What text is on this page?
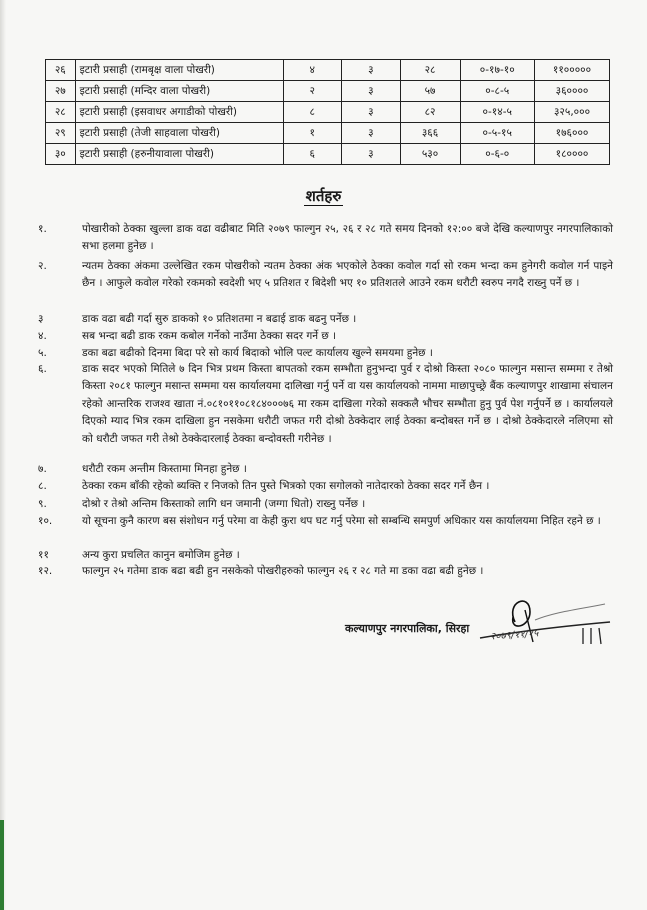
२६	इटारी प्रसाही (रामबृक्ष वाला पोखरी)	४	३	२८	०-१७-१०	११०००००
२७	इटारी प्रसाही (मन्दिर वाला पोखरी)	२	३	५७	०-८-५	३६००००
२८	इटारी प्रसाही (इसवाधर अगाडीको पोखरी)	८	३	८२	०-१४-५	३२५,०००
२९	इटारी प्रसाही (तेजी साहवाला पोखरी)	१	३	३६६	०-५-१५	१७६०००
३०	इटारी प्रसाही (हरुनीयावाला पोखरी)	६	३	५३०	०-६-०	१८००००
शर्तहरु
१.	पोखारीको ठेक्का खुल्ला डाक वढा वढीबाट मिति २०७९ फाल्गुन २५, २६ र २८ गते समय दिनको १२:०० बजे देखि कल्याणपुर नगरपालिकाको सभा हलमा हुनेछ ।
२.	न्यतम ठेक्का अंकमा उल्लेखित रकम पोखरीको न्यतम ठेक्का अंक भएकोले ठेक्का कवोल गर्दा सो रकम भन्दा कम हुनेगरी कवोल गर्न पाइने छैन । आफुले कवोल गरेको रकमको स्वदेशी भए ५ प्रतिशत र बिदेशी भए १० प्रतिशतले आउने रकम धरौटी स्वरुप नगदै राख्नु पर्ने छ ।
३	डाक वढा बढी गर्दा सुरु डाकको १० प्रतिशतमा न बढाई डाक बढनु पर्नेछ ।
४.	सब भन्दा बढी डाक रकम कबोल गर्नेको नाउँमा ठेक्का सदर गर्ने छ ।
५.	डका बढा बढीको दिनमा बिदा परे सो कार्य बिदाको भोलि पल्ट कार्यालय खुल्ने समयमा हुनेछ ।
६.	डाक सदर भएको मितिले ७ दिन भित्र प्रथम किस्ता बापतको रकम सम्भौता हुनुभन्दा पुर्व र दोश्रो किस्ता २०८० फाल्गुन मसान्त सम्ममा र तेश्रो किस्ता २०८१ फाल्गुन मसान्त सम्ममा यस कार्यालयमा दालिखा गर्नु पर्ने वा यस कार्यालयको नाममा माछापुच्छ्रे बैंक कल्याणपुर शाखामा संचालन रहेको आन्तरिक राजश्व खाता नं.०८१०११०८१८४०००७६ मा रकम दाखिला गरेको सक्कलै भौचर सम्भौता हुनु पुर्व पेश गर्नुपर्ने छ । कार्यालयले दिएको म्याद भित्र रकम दाखिला हुन नसकेमा धरौटी जफत गरी दोश्रो ठेक्केदार लाई ठेक्का बन्दोबस्त गर्ने छ । दोश्रो ठेक्केदारले नलिएमा सो को धरौटी जफत गरी तेश्रो ठेक्केदारलाई ठेक्का बन्दोवस्ती गरीनेछ ।
७.	धरौटी रकम अन्तीम किस्तामा मिनहा हुनेछ ।
८.	ठेक्का रकम बाँकी रहेको ब्यक्ति र निजको तिन पुस्ते भित्रको एका सगोलको नातेदारको ठेक्का सदर गर्ने छैन ।
९.	दोश्रो र तेश्रो अन्तिम किस्ताको लागि धन जमानी (जग्गा धितो) राख्नु पर्नेछ ।
१०.	यो सूचना कुनै कारण बस संशोधन गर्नु परेमा वा केही कुरा थप घट गर्नु परेमा सो सम्बन्धि समपुर्ण अधिकार यस कार्यालयमा निहित रहने छ ।
११	अन्य कुरा प्रचलित कानुन बमोजिम हुनेछ ।
१२.	फाल्गुन २५ गतेमा डाक बढा बढी हुन नसकेको पोखरीहरुको फाल्गुन २६ र २८ गते मा डका वढा बढी हुनेछ ।
कल्याणपुर नगरपालिका, सिरहा २०७९/११/१५
